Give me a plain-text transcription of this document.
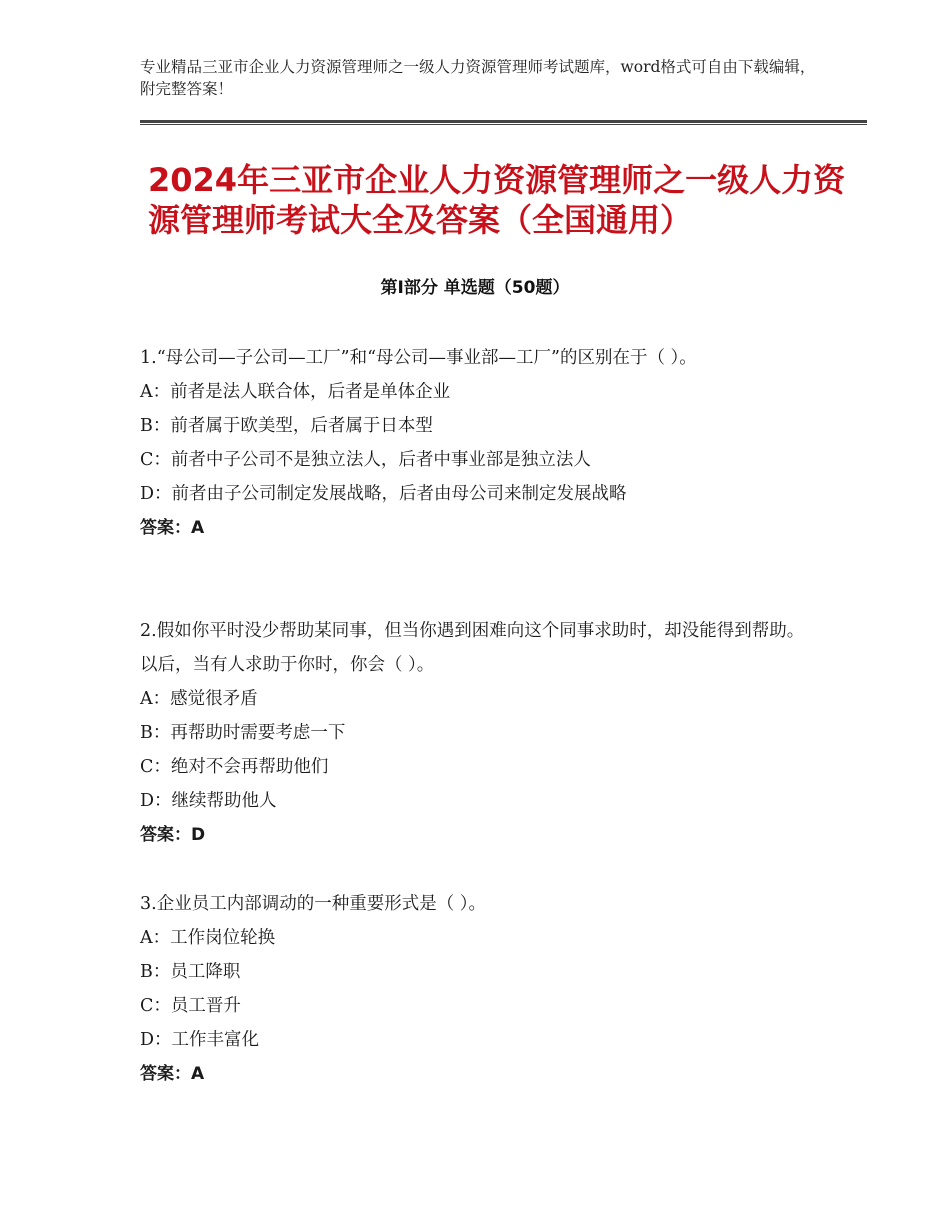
专业精品三亚市企业人力资源管理师之一级人力资源管理师考试题库，word格式可自由下载编辑，附完整答案！
2024年三亚市企业人力资源管理师之一级人力资源管理师考试大全及答案（全国通用）
第Ⅰ部分 单选题（50题）

1.“母公司—子公司—工厂”和“母公司—事业部—工厂”的区别在于（ ）。

A：前者是法人联合体，后者是单体企业

B：前者属于欧美型，后者属于日本型

C：前者中子公司不是独立法人，后者中事业部是独立法人

D：前者由子公司制定发展战略，后者由母公司来制定发展战略

答案：A

2.假如你平时没少帮助某同事，但当你遇到困难向这个同事求助时，却没能得到帮助。以后，当有人求助于你时，你会（ ）。

A：感觉很矛盾

B：再帮助时需要考虑一下

C：绝对不会再帮助他们

D：继续帮助他人

答案：D

3.企业员工内部调动的一种重要形式是（ ）。

A：工作岗位轮换

B：员工降职

C：员工晋升

D：工作丰富化

答案：A
